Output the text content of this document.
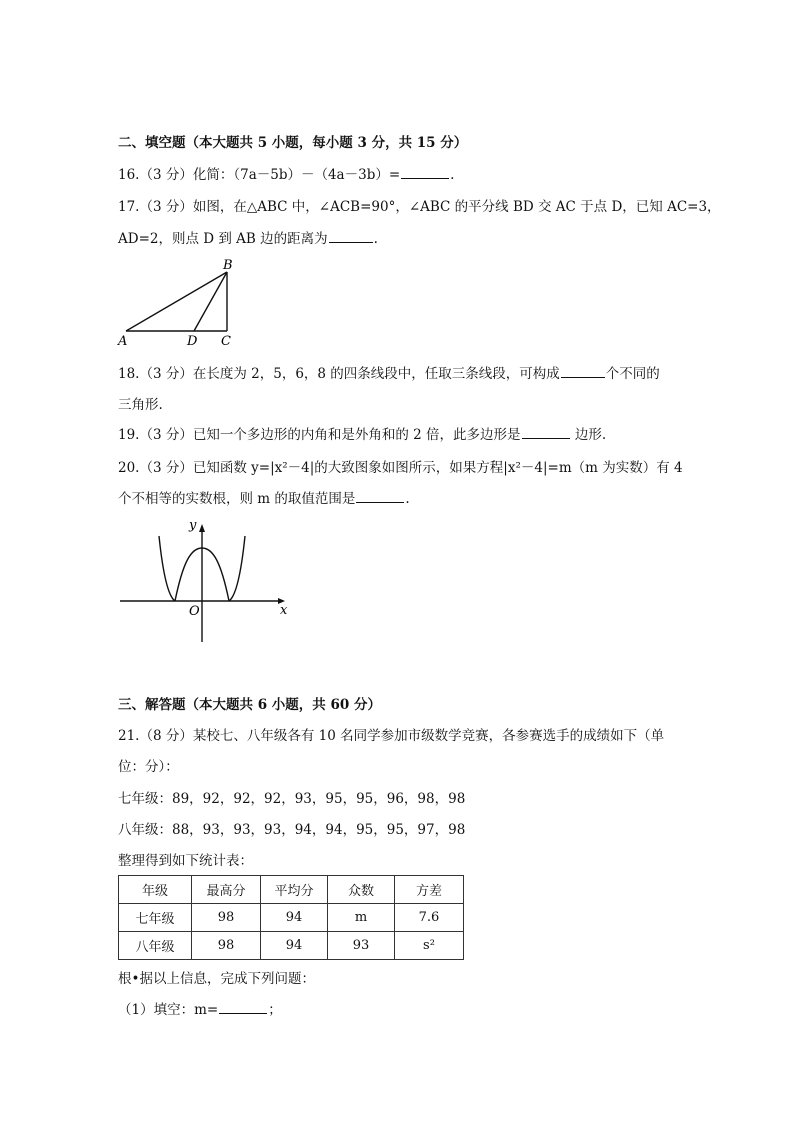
二、填空题（本大题共 5 小题，每小题 3 分，共 15 分）
16.（3 分）化简：（7a－5b）－（4a－3b）=	.
17.（3 分）如图，在△ABC 中，∠ACB=90°，∠ABC 的平分线 BD 交 AC 于点 D，已知 AC=3，
AD=2，则点 D 到 AB 边的距离为	.
B
A	D C
18.（3 分）在长度为 2，5，6，8 的四条线段中，任取三条线段，可构成	个不同的
三角形.
19.（3 分）已知一个多边形的内角和是外角和的 2 倍，此多边形是	边形.
20.（3 分）已知函数 y=|x²－4|的大致图象如图所示，如果方程|x²－4|=m（m 为实数）有 4
个不相等的实数根，则 m 的取值范围是	.
y
x
O
三、解答题（本大题共 6 小题，共 60 分）
21.（8 分）某校七、八年级各有 10 名同学参加市级数学竞赛，各参赛选手的成绩如下（单
位：分）：
七年级：89，92，92，92，93，95，95，96，98，98
八年级：88，93，93，93，94，94，95，95，97，98
整理得到如下统计表：
年级	最高分	平均分	众数	方差
七年级	98	94	m	7.6
八年级	98	94	93	s²
根•据以上信息，完成下列问题：
（1）填空：m=	；
